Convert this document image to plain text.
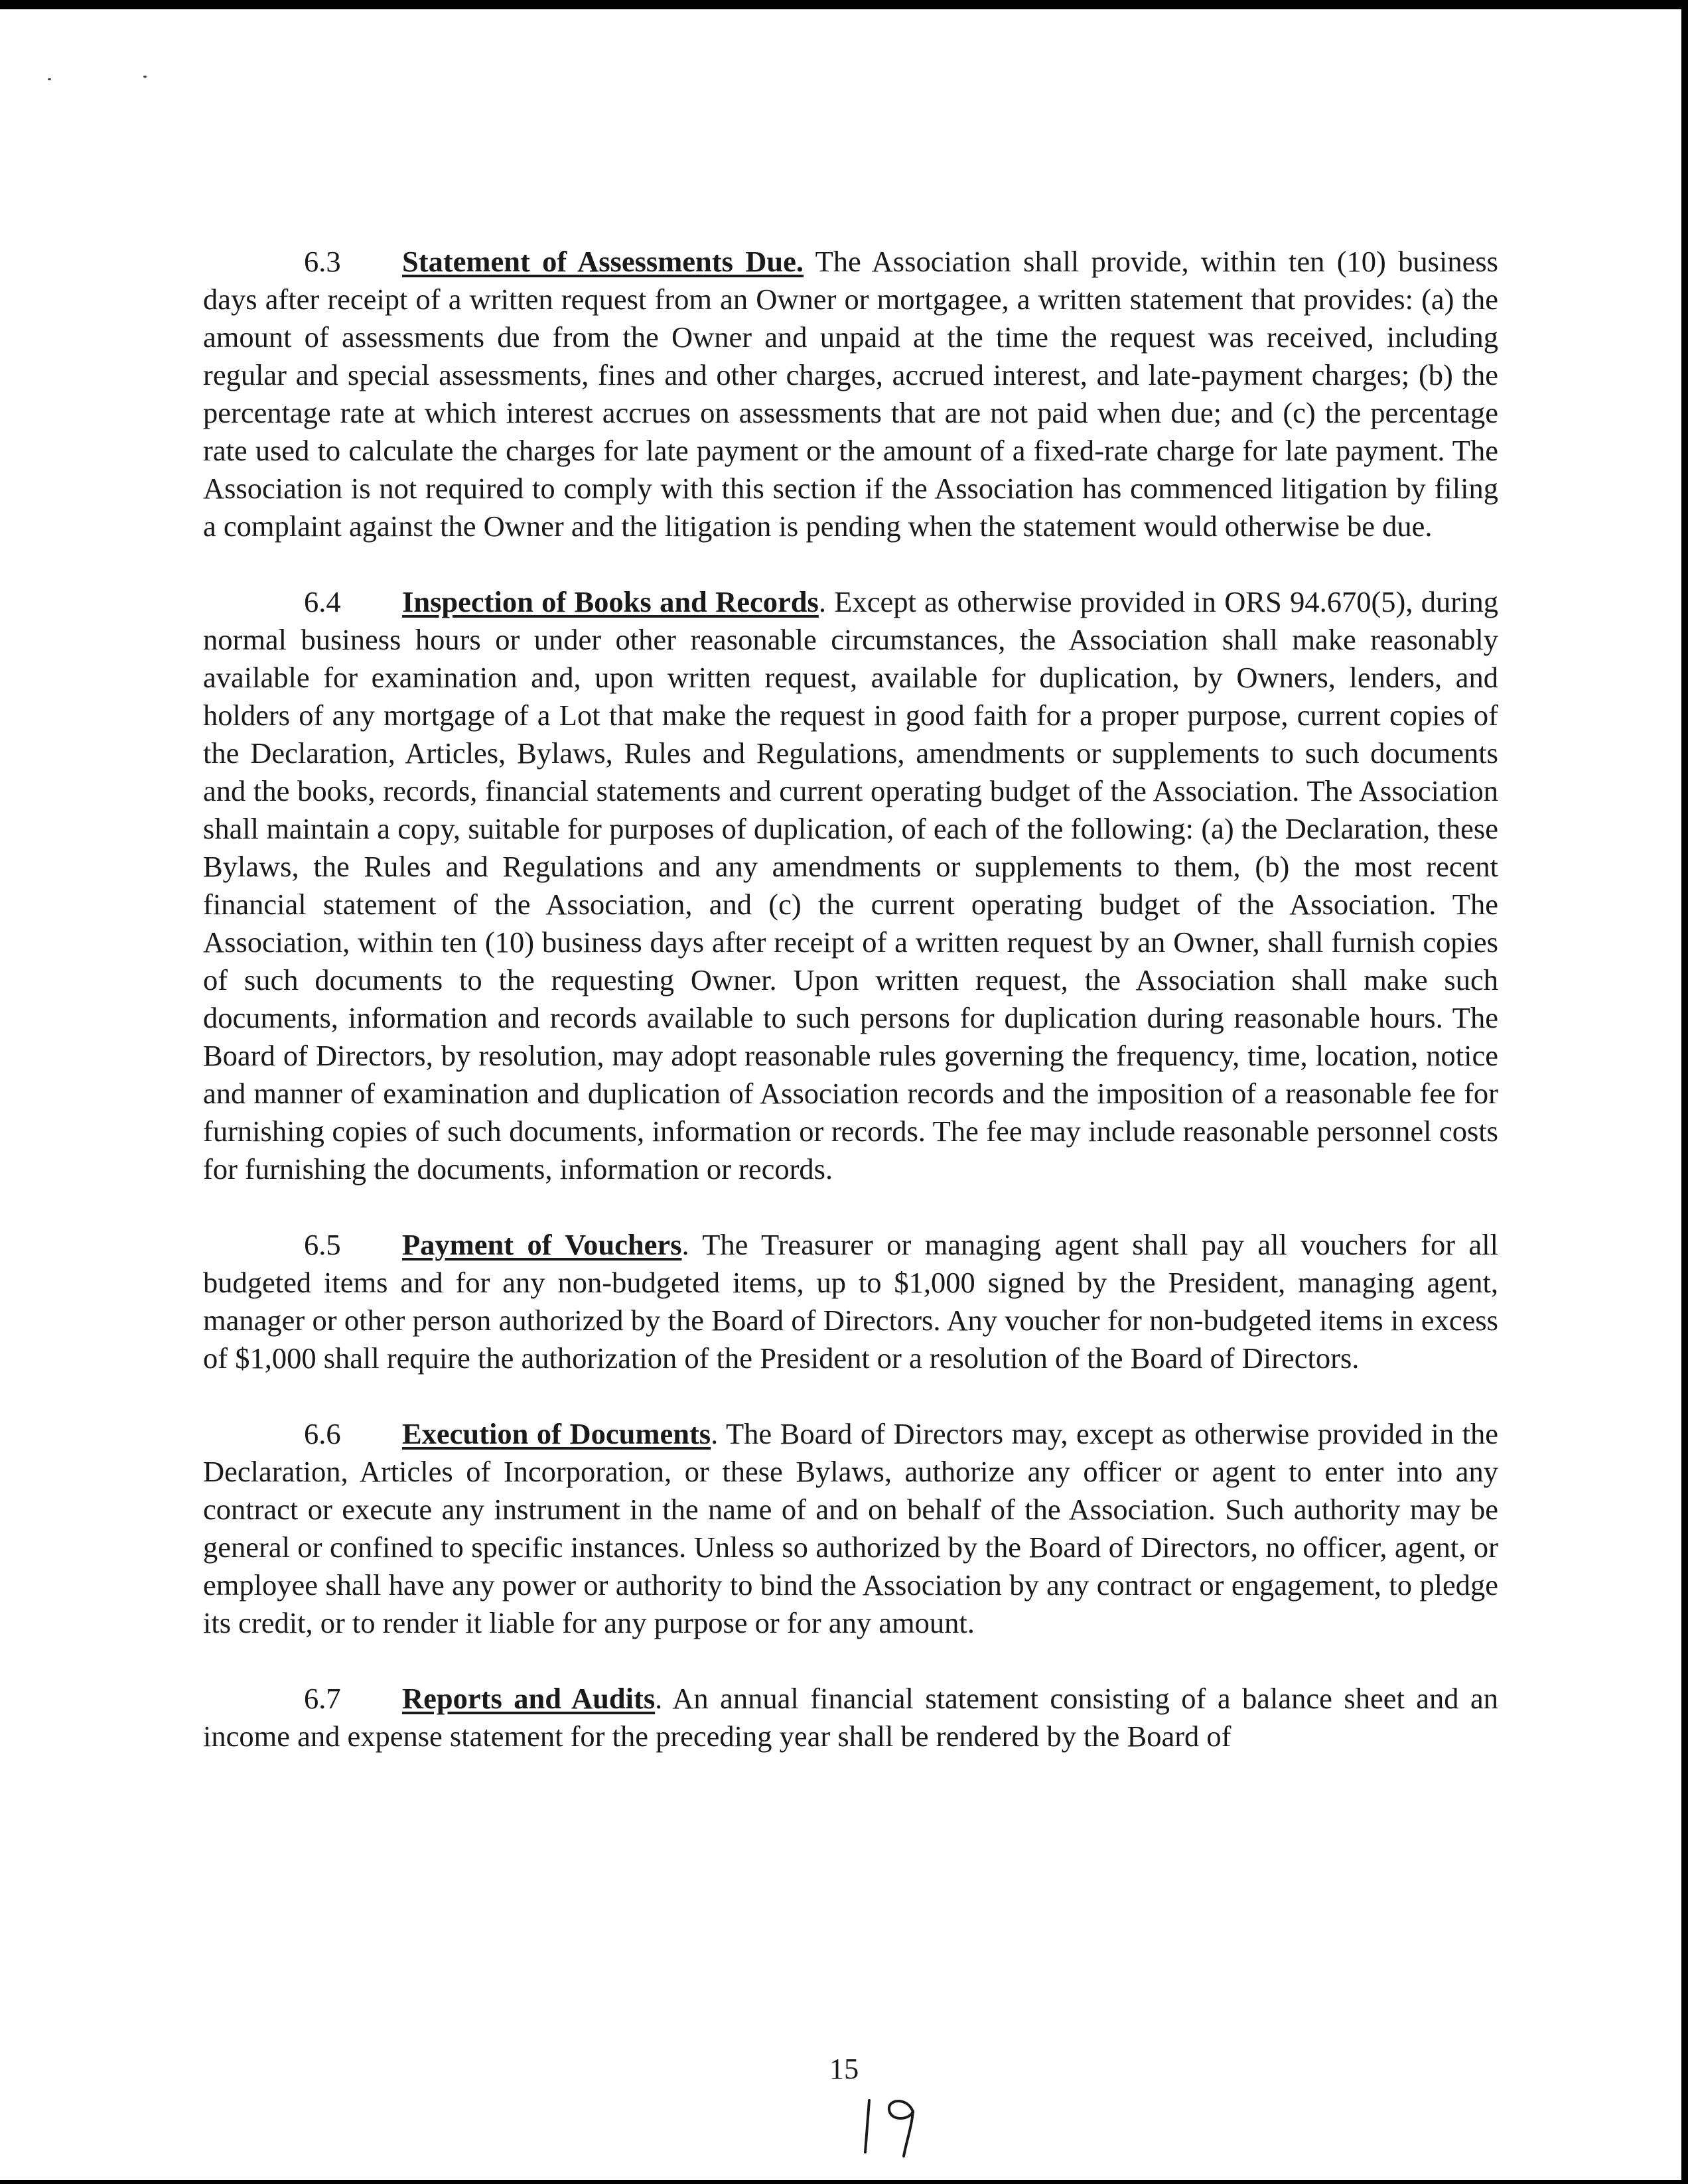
6.3 Statement of Assessments Due. The Association shall provide, within ten (10) business days after receipt of a written request from an Owner or mortgagee, a written statement that provides: (a) the amount of assessments due from the Owner and unpaid at the time the request was received, including regular and special assessments, fines and other charges, accrued interest, and late-payment charges; (b) the percentage rate at which interest accrues on assessments that are not paid when due; and (c) the percentage rate used to calculate the charges for late payment or the amount of a fixed-rate charge for late payment. The Association is not required to comply with this section if the Association has commenced litigation by filing a complaint against the Owner and the litigation is pending when the statement would otherwise be due.

6.4 Inspection of Books and Records. Except as otherwise provided in ORS 94.670(5), during normal business hours or under other reasonable circumstances, the Association shall make reasonably available for examination and, upon written request, available for duplication, by Owners, lenders, and holders of any mortgage of a Lot that make the request in good faith for a proper purpose, current copies of the Declaration, Articles, Bylaws, Rules and Regulations, amendments or supplements to such documents and the books, records, financial statements and current operating budget of the Association. The Association shall maintain a copy, suitable for purposes of duplication, of each of the following: (a) the Declaration, these Bylaws, the Rules and Regulations and any amendments or supplements to them, (b) the most recent financial statement of the Association, and (c) the current operating budget of the Association. The Association, within ten (10) business days after receipt of a written request by an Owner, shall furnish copies of such documents to the requesting Owner. Upon written request, the Association shall make such documents, information and records available to such persons for duplication during reasonable hours. The Board of Directors, by resolution, may adopt reasonable rules governing the frequency, time, location, notice and manner of examination and duplication of Association records and the imposition of a reasonable fee for furnishing copies of such documents, information or records. The fee may include reasonable personnel costs for furnishing the documents, information or records.

6.5 Payment of Vouchers. The Treasurer or managing agent shall pay all vouchers for all budgeted items and for any non-budgeted items, up to $1,000 signed by the President, managing agent, manager or other person authorized by the Board of Directors. Any voucher for non-budgeted items in excess of $1,000 shall require the authorization of the President or a resolution of the Board of Directors.

6.6 Execution of Documents. The Board of Directors may, except as otherwise provided in the Declaration, Articles of Incorporation, or these Bylaws, authorize any officer or agent to enter into any contract or execute any instrument in the name of and on behalf of the Association. Such authority may be general or confined to specific instances. Unless so authorized by the Board of Directors, no officer, agent, or employee shall have any power or authority to bind the Association by any contract or engagement, to pledge its credit, or to render it liable for any purpose or for any amount.

6.7 Reports and Audits. An annual financial statement consisting of a balance sheet and an income and expense statement for the preceding year shall be rendered by the Board of

15
